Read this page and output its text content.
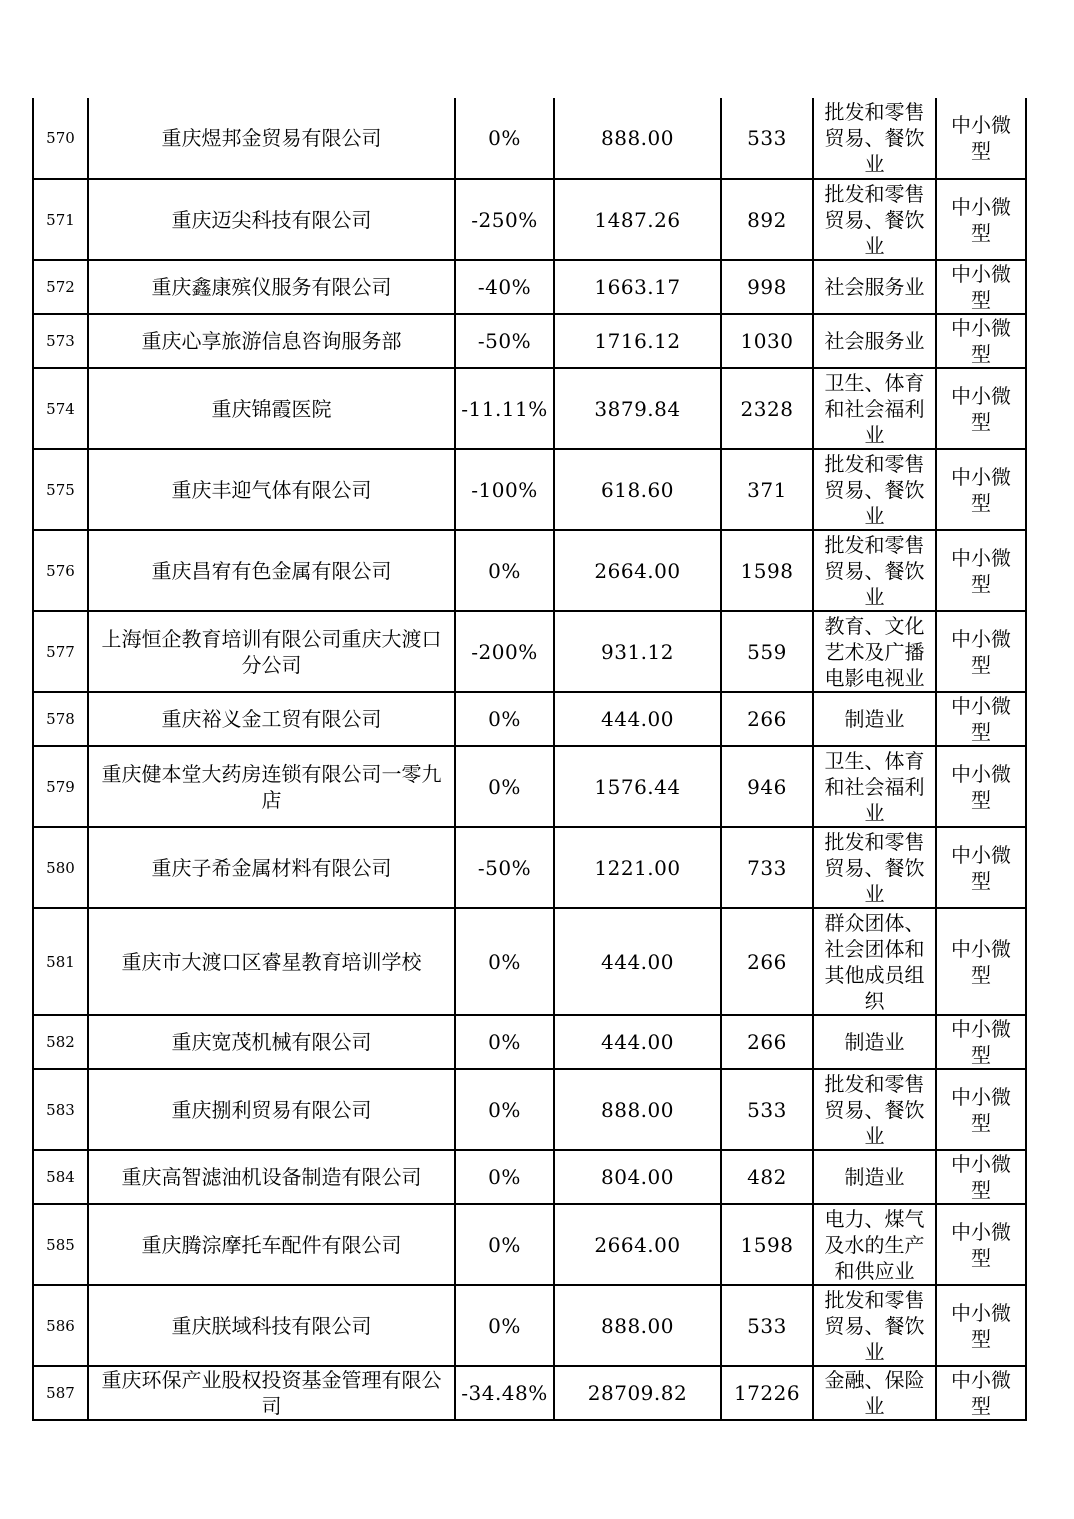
570	重庆煜邦金贸易有限公司	0%	888.00	533	批发和零售贸易、餐饮业	中小微型
571	重庆迈尖科技有限公司	-250%	1487.26	892	批发和零售贸易、餐饮业	中小微型
572	重庆鑫康殡仪服务有限公司	-40%	1663.17	998	社会服务业	中小微型
573	重庆心享旅游信息咨询服务部	-50%	1716.12	1030	社会服务业	中小微型
574	重庆锦霞医院	-11.11%	3879.84	2328	卫生、体育和社会福利业	中小微型
575	重庆丰迎气体有限公司	-100%	618.60	371	批发和零售贸易、餐饮业	中小微型
576	重庆昌宥有色金属有限公司	0%	2664.00	1598	批发和零售贸易、餐饮业	中小微型
577	上海恒企教育培训有限公司重庆大渡口分公司	-200%	931.12	559	教育、文化艺术及广播电影电视业	中小微型
578	重庆裕义金工贸有限公司	0%	444.00	266	制造业	中小微型
579	重庆健本堂大药房连锁有限公司一零九店	0%	1576.44	946	卫生、体育和社会福利业	中小微型
580	重庆子希金属材料有限公司	-50%	1221.00	733	批发和零售贸易、餐饮业	中小微型
581	重庆市大渡口区睿星教育培训学校	0%	444.00	266	群众团体、社会团体和其他成员组织	中小微型
582	重庆宽茂机械有限公司	0%	444.00	266	制造业	中小微型
583	重庆捌利贸易有限公司	0%	888.00	533	批发和零售贸易、餐饮业	中小微型
584	重庆高智滤油机设备制造有限公司	0%	804.00	482	制造业	中小微型
585	重庆腾淙摩托车配件有限公司	0%	2664.00	1598	电力、煤气及水的生产和供应业	中小微型
586	重庆朕域科技有限公司	0%	888.00	533	批发和零售贸易、餐饮业	中小微型
587	重庆环保产业股权投资基金管理有限公司	-34.48%	28709.82	17226	金融、保险业	中小微型
